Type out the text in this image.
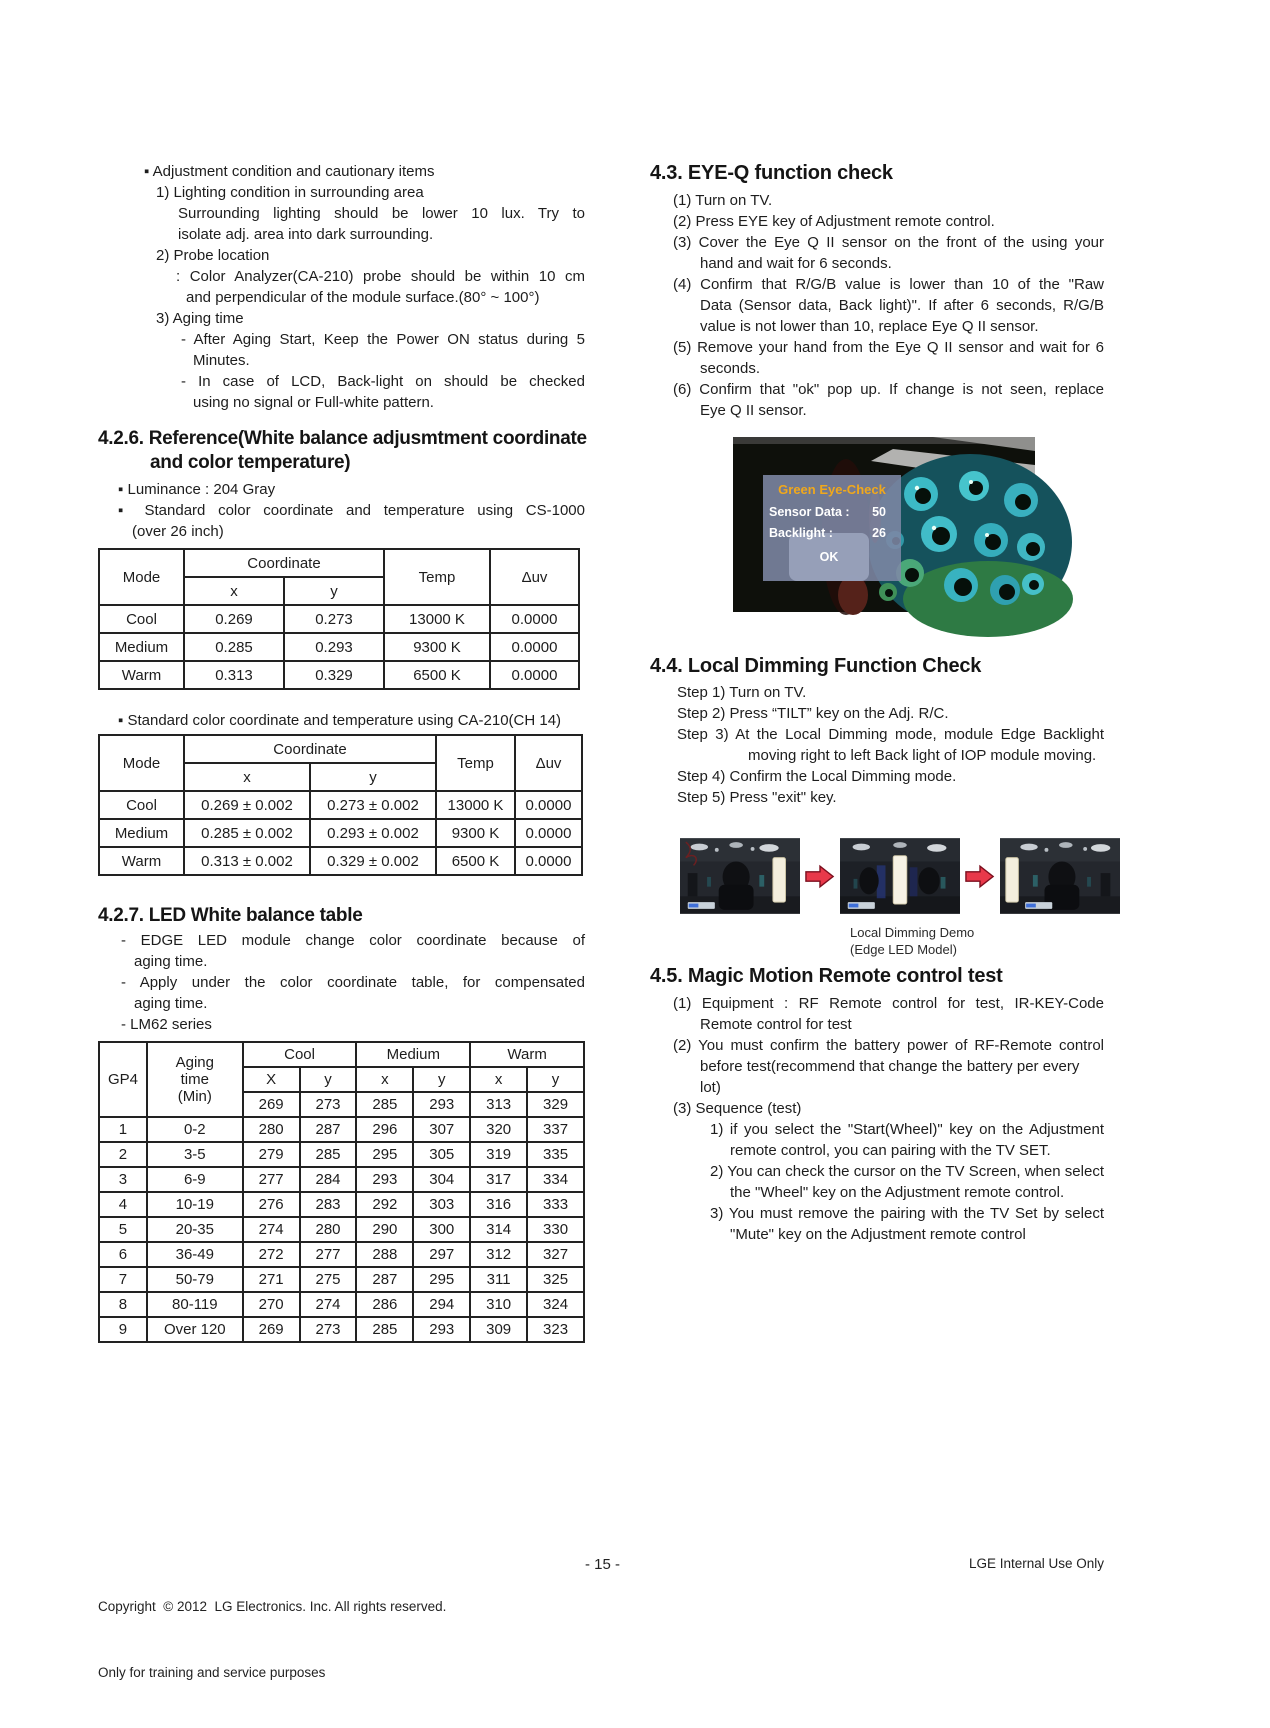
▪ Adjustment condition and cautionary items
1) Lighting condition in surrounding area
Surrounding lighting should be lower 10 lux. Try to
isolate adj. area into dark surrounding.
2) Probe location
: Color Analyzer(CA-210) probe should be within 10 cm
and perpendicular of the module surface.(80° ~ 100°)
3) Aging time
- After Aging Start, Keep the Power ON status during 5
Minutes.
- In case of LCD, Back-light on should be checked
using no signal or Full-white pattern.
4.2.6. Reference(White balance adjusmtment coordinate
and color temperature)
▪ Luminance : 204 Gray
▪ Standard color coordinate and temperature using CS-1000
(over 26 inch)
Mode	Coordinate		Temp	Δuv
	x	y		
Cool	0.269	0.273	13000 K	0.0000
Medium	0.285	0.293	9300 K	0.0000
Warm	0.313	0.329	6500 K	0.0000
▪ Standard color coordinate and temperature using CA-210(CH 14)
Mode	Coordinate		Temp	Δuv
	x	y		
Cool	0.269 ± 0.002	0.273 ± 0.002	13000 K	0.0000
Medium	0.285 ± 0.002	0.293 ± 0.002	9300 K	0.0000
Warm	0.313 ± 0.002	0.329 ± 0.002	6500 K	0.0000
4.2.7. LED White balance table
- EDGE LED module change color coordinate because of
aging time.
- Apply under the color coordinate table, for compensated
aging time.
- LM62 series
GP4	Aging
time
(Min)	Cool		Medium		Warm	
		X	y	x	y	x	y
		269	273	285	293	313	329
1	0-2	280	287	296	307	320	337
2	3-5	279	285	295	305	319	335
3	6-9	277	284	293	304	317	334
4	10-19	276	283	292	303	316	333
5	20-35	274	280	290	300	314	330
6	36-49	272	277	288	297	312	327
7	50-79	271	275	287	295	311	325
8	80-119	270	274	286	294	310	324
9	Over 120	269	273	285	293	309	323
4.3. EYE-Q function check
(1) Turn on TV.
(2) Press EYE key of Adjustment remote control.
(3) Cover the Eye Q II sensor on the front of the using your
hand and wait for 6 seconds.
(4) Confirm that R/G/B value is lower than 10 of the "Raw
Data (Sensor data, Back light)". If after 6 seconds, R/G/B
value is not lower than 10, replace Eye Q II sensor.
(5) Remove your hand from the Eye Q II sensor and wait for 6
seconds.
(6) Confirm that "ok" pop up. If change is not seen, replace
Eye Q II sensor.
Green Eye-Check
Sensor Data : 50
Backlight :	26
OK
4.4. Local Dimming Function Check
Step 1) Turn on TV.
Step 2) Press “TILT” key on the Adj. R/C.
Step 3) At the Local Dimming mode, module Edge Backlight
moving right to left Back light of IOP module moving.
Step 4) Confirm the Local Dimming mode.
Step 5) Press "exit" key.
Local Dimming Demo
(Edge LED Model)
4.5. Magic Motion Remote control test
(1) Equipment : RF Remote control for test, IR-KEY-Code
Remote control for test
(2) You must confirm the battery power of RF-Remote control
before test(recommend that change the battery per every lot)
(3) Sequence (test)
1) if you select the "Start(Wheel)" key on the Adjustment
remote control, you can pairing with the TV SET.
2) You can check the cursor on the TV Screen, when select
the "Wheel" key on the Adjustment remote control.
3) You must remove the pairing with the TV Set by select
"Mute" key on the Adjustment remote control

Copyright  © 2012  LG Electronics. Inc. All rights reserved.

Only for training and service purposes

- 15 -	LGE Internal Use Only
